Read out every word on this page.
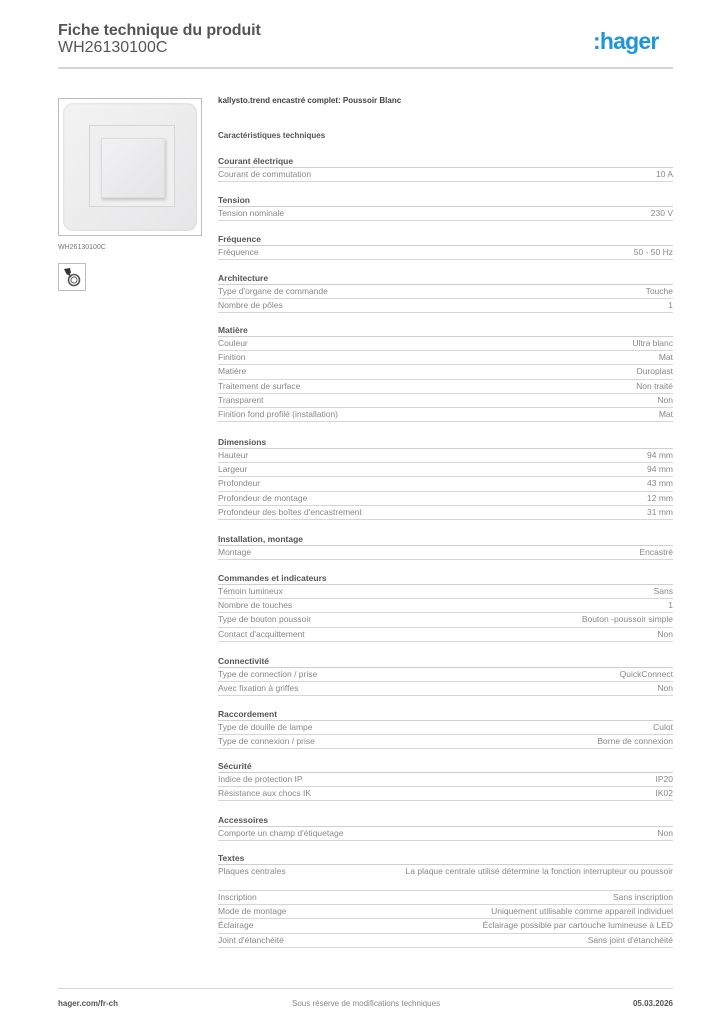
Fiche technique du produit
WH26130100C	:hager
WH26130100C
kallysto.trend encastré complet: Poussoir Blanc
Caractéristiques techniques
Courant électrique
Courant de commutation	10 A
Tension
Tension nominale	230 V
Fréquence
Fréquence	50 - 50 Hz
Architecture
Type d'organe de commande	Touche
Nombre de pôles	1
Matière
Couleur	Ultra blanc
Finition	Mat
Matière	Duroplast
Traitement de surface	Non traité
Transparent	Non
Finition fond profilé (installation)	Mat
Dimensions
Hauteur	94 mm
Largeur	94 mm
Profondeur	43 mm
Profondeur de montage	12 mm
Profondeur des boîtes d'encastrement	31 mm
Installation, montage
Montage	Encastré
Commandes et indicateurs
Témoin lumineux	Sans
Nombre de touches	1
Type de bouton poussoir	Bouton -poussoir simple
Contact d'acquittement	Non
Connectivité
Type de connection / prise	QuickConnect
Avec fixation à griffes	Non
Raccordement
Type de douille de lampe	Culot
Type de connexion / prise	Borne de connexion
Sécurité
Indice de protection IP	IP20
Résistance aux chocs IK	IK02
Accessoires
Comporte un champ d'étiquetage	Non
Textes
Plaques centrales	La plaque centrale utilisé détermine la fonction interrupteur ou poussoir
Inscription	Sans inscription
Mode de montage	Uniquement utilisable comme appareil individuel
Éclairage	Éclairage possible par cartouche lumineuse à LED
Joint d'étanchéité	Sans joint d'étanchéité
hager.com/fr-ch	Sous réserve de modifications techniques	05.03.2026
